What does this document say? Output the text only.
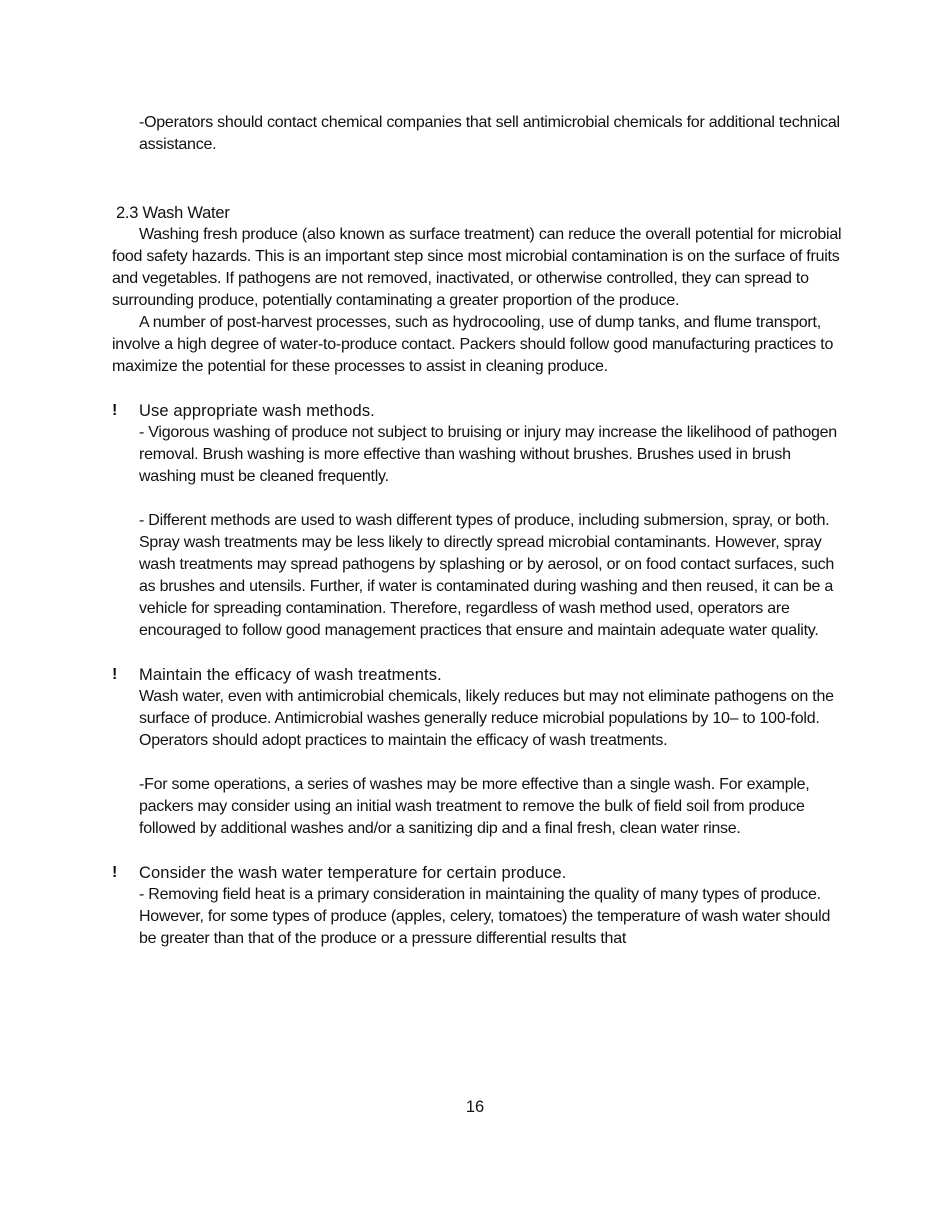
-Operators should contact chemical companies that sell antimicrobial chemicals for additional technical assistance.
2.3 Wash Water
Washing fresh produce (also known as surface treatment) can reduce the overall potential for microbial food safety hazards. This is an important step since most microbial contamination is on the surface of fruits and vegetables. If pathogens are not removed, inactivated, or otherwise controlled, they can spread to surrounding produce, potentially contaminating a greater proportion of the produce.
A number of post-harvest processes, such as hydrocooling, use of dump tanks, and flume transport, involve a high degree of water-to-produce contact. Packers should follow good manufacturing practices to maximize the potential for these processes to assist in cleaning produce.
! Use appropriate wash methods.
- Vigorous washing of produce not subject to bruising or injury may increase the likelihood of pathogen removal. Brush washing is more effective than washing without brushes. Brushes used in brush washing must be cleaned frequently.
- Different methods are used to wash different types of produce, including submersion, spray, or both. Spray wash treatments may be less likely to directly spread microbial contaminants. However, spray wash treatments may spread pathogens by splashing or by aerosol, or on food contact surfaces, such as brushes and utensils. Further, if water is contaminated during washing and then reused, it can be a vehicle for spreading contamination. Therefore, regardless of wash method used, operators are encouraged to follow good management practices that ensure and maintain adequate water quality.
! Maintain the efficacy of wash treatments.
Wash water, even with antimicrobial chemicals, likely reduces but may not eliminate pathogens on the surface of produce. Antimicrobial washes generally reduce microbial populations by 10– to 100-fold. Operators should adopt practices to maintain the efficacy of wash treatments.
-For some operations, a series of washes may be more effective than a single wash. For example, packers may consider using an initial wash treatment to remove the bulk of field soil from produce followed by additional washes and/or a sanitizing dip and a final fresh, clean water rinse.
! Consider the wash water temperature for certain produce.
- Removing field heat is a primary consideration in maintaining the quality of many types of produce. However, for some types of produce (apples, celery, tomatoes) the temperature of wash water should be greater than that of the produce or a pressure differential results that
16
